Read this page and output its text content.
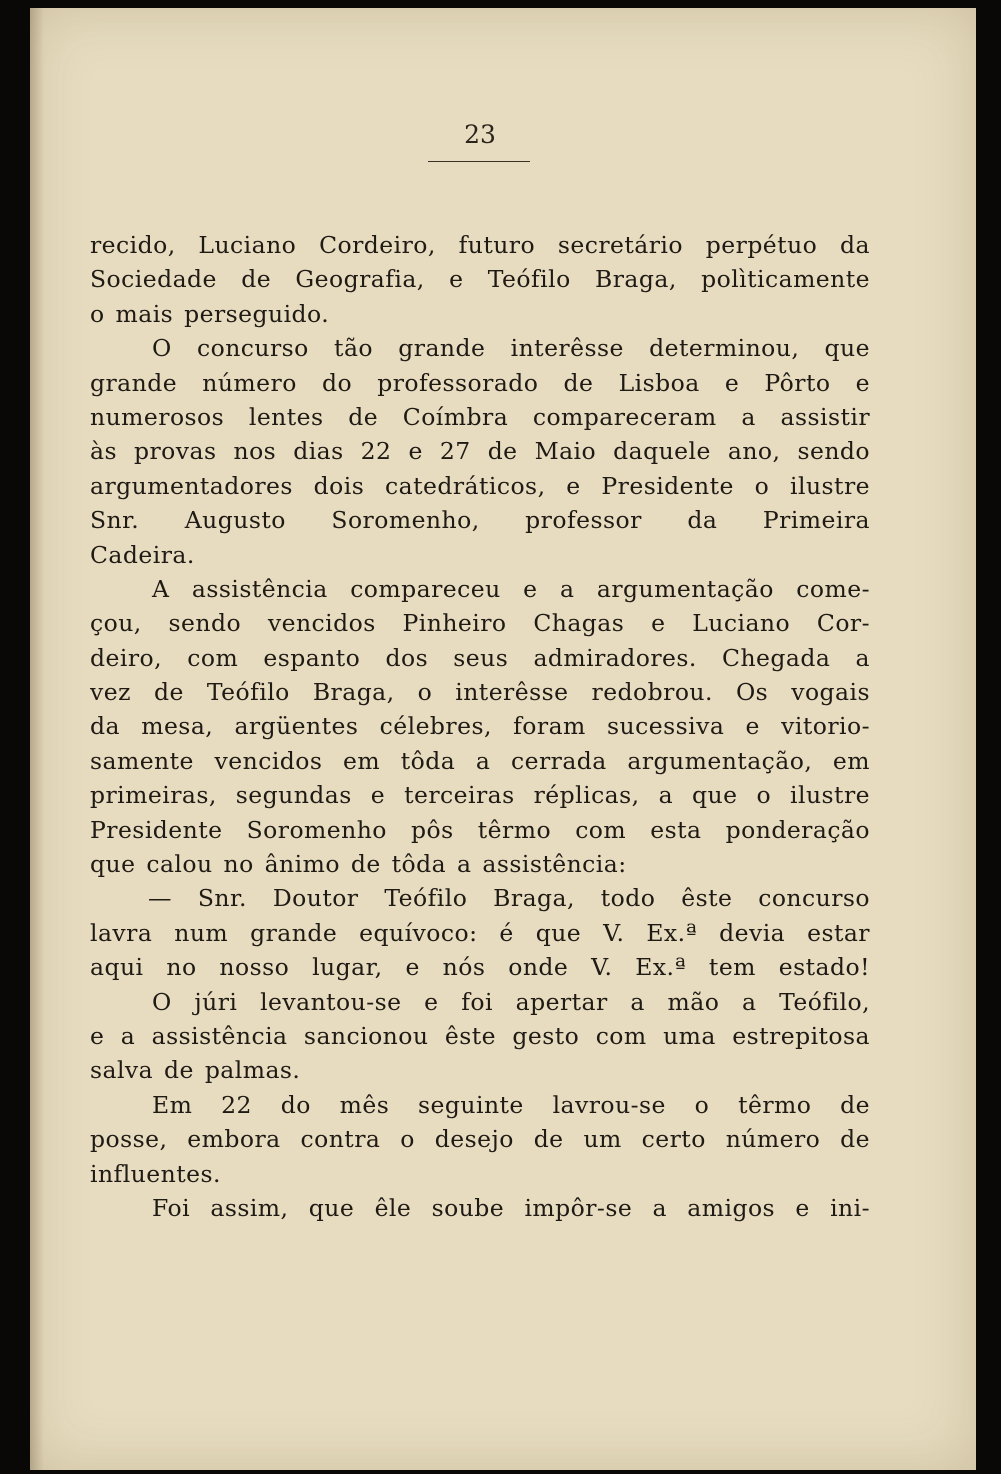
23
recido, Luciano Cordeiro, futuro secretário perpétuo da
Sociedade de Geografia, e Teófilo Braga, polìticamente
o mais perseguido.
O concurso tão grande interêsse determinou, que
grande número do professorado de Lisboa e Pôrto e
numerosos lentes de Coímbra compareceram a assistir
às provas nos dias 22 e 27 de Maio daquele ano, sendo
argumentadores dois catedráticos, e Presidente o ilustre
Snr. Augusto Soromenho, professor da Primeira
Cadeira.
A assistência compareceu e a argumentação come-
çou, sendo vencidos Pinheiro Chagas e Luciano Cor-
deiro, com espanto dos seus admiradores. Chegada a
vez de Teófilo Braga, o interêsse redobrou. Os vogais
da mesa, argüentes célebres, foram sucessiva e vitorio-
samente vencidos em tôda a cerrada argumentação, em
primeiras, segundas e terceiras réplicas, a que o ilustre
Presidente Soromenho pôs têrmo com esta ponderação
que calou no ânimo de tôda a assistência:
— Snr. Doutor Teófilo Braga, todo êste concurso
lavra num grande equívoco: é que V. Ex.ª devia estar
aqui no nosso lugar, e nós onde V. Ex.ª tem estado!
O júri levantou-se e foi apertar a mão a Teófilo,
e a assistência sancionou êste gesto com uma estrepitosa
salva de palmas.
Em 22 do mês seguinte lavrou-se o têrmo de
posse, embora contra o desejo de um certo número de
influentes.
Foi assim, que êle soube impôr-se a amigos e ini-
